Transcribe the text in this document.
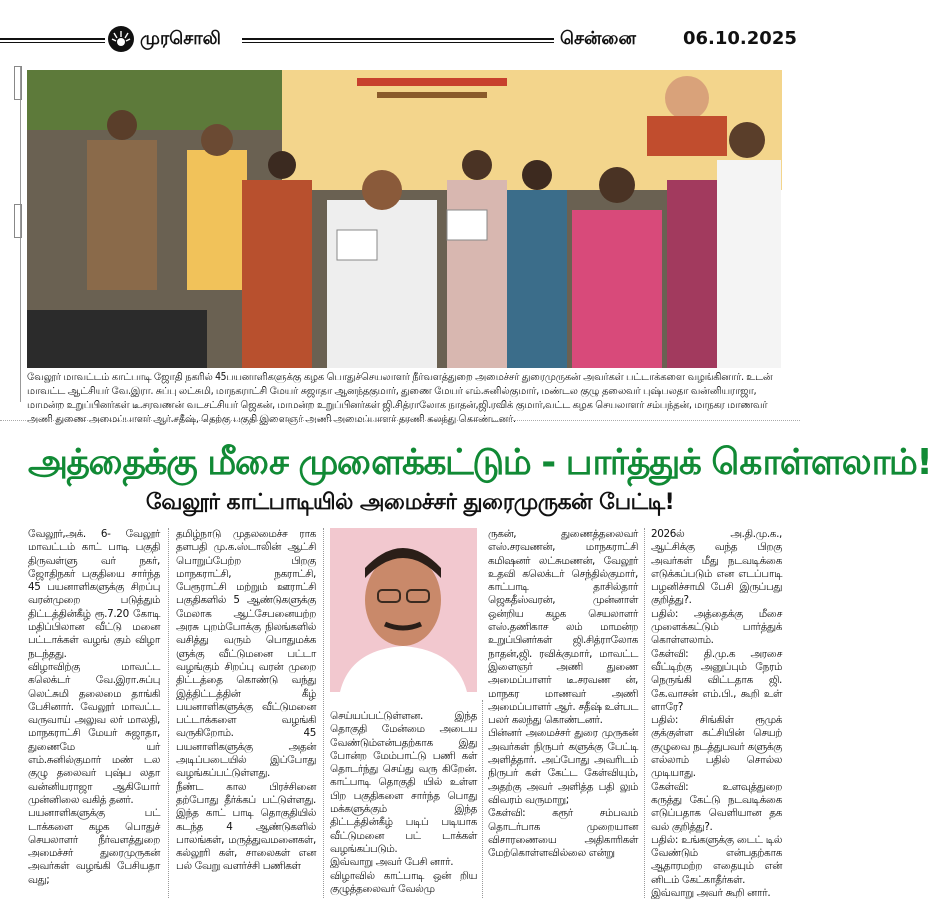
முரசொலி	சென்னை	06.10.2025
வேலூர் மாவட்டம் காட்பாடி ஜோதி நகரில் 45பயனாளிகளுக்கு கழக பொதுச்செயலாளர் நீர்வளத்துறை அமைச்சர் துரைமுருகன் அவர்கள் பட்டாக்களை வழங்கினார். உடன் மாவட்ட ஆட்சியர் வே.இரா. சுப்பு லட்சுமி, மாநகராட்சி மேயர் சுஜாதா ஆனந்தகுமார், துணை மேயர் எம்.சுனில்குமார், மண்டல குழு தலைவர் புஷ்பலதா வன்னியராஜா, மாமன்ற உறுப்பினர்கள் டீ.சரவணன் வடசட்சியர் ஜெகன், மாமன்ற உறுப்பினர்கள் ஜி.சித்ராலோக நாதன்,ஜி.ரவிக் குமார்,வட்ட கழக செயலாளர் சம்பந்தன், மாநகர மாணவர் அணி துணை அமைப்பாளர் ஆர்.சதீஷ், தெற்கு பகுதி இளைஞர் அணி அமைப்பாளர் தரணி கலந்து கொண்டனர்.
அத்தைக்கு மீசை முளைக்கட்டும் - பார்த்துக் கொள்ளலாம்!
வேலூர் காட்பாடியில் அமைச்சர் துரைமுருகன் பேட்டி!

வேலூர்,அக். 6- வேலூர் மாவட்டம் காட் பாடி பகுதி திருவள்ளு வர் நகர், ஜோதிநகர் பகுதியை சார்ந்த 45 பயனாளிகளுக்கு சிறப்பு வரன்முறை படுத்தும் திட்டத்தின்கீழ் ரூ.7.20 கோடி மதிப்பிலான வீட்டு மனை பட்டாக்கள் வழங் கும் விழா நடந்தது.

விழாவிற்கு மாவட்ட கலெக்டர் வே.இரா.சுப்பு லெட்சுமி தலைமை தாங்கி பேசினார். வேலூர் மாவட்ட வருவாய் அலுவ லர் மாலதி, மாநகராட்சி மேயர் சுஜாதா, துணைமே யர் எம்.சுனில்குமார் மண் டல குழு தலைவர் புஷ்ப லதா வன்னியராஜா ஆகியோர் முன்னிலை வகித் தனர்.

பயனாளிகளுக்கு பட் டாக்களை கழக பொதுச் செயலாளர் நீர்வளத்துறை அமைச்சர் துரைமுருகன் அவர்கள் வழங்கி பேசியதா வது;

தமிழ்நாடு முதலமைச்ச ராக தளபதி மு.க.ஸ்டாலின் ஆட்சி பொறுப்பேற்ற பிறகு மாநகராட்சி, நகராட்சி, பேரூராட்சி மற்றும் ஊராட்சி பகுதிகளில் 5 ஆண்டுகளுக்கு மேலாக ஆட்சேபனையற்ற அரசு புறம்போக்கு நிலங்களில் வசித்து வரும் பொதுமக்க ளுக்கு வீட்டுமனை பட்டா வழங்கும் சிறப்பு வரன் முறை திட்டத்தை கொண்டு வந்து இத்திட்டத்தின் கீழ் பயனாளிகளுக்கு வீட்டுமனை பட்டாக்களை வழங்கி வருகிறோம். 45 பயனாளிகளுக்கு அதன் அடிப்படையில் இப்போது வழங்கப்பட்டுள்ளது.

நீண்ட கால பிரச்சினை தற்போது தீர்க்கப் பட்டுள்ளது. இந்த காட் பாடி தொகுதியில் கடந்த 4 ஆண்டுகளில் பாலங்கள், மருத்துவமனைகள், கல்லூரி கள், சாலைகள் என பல் வேறு வளர்ச்சி பணிகள்

செய்யப்பட்டுள்ளன. இந்த தொகுதி மேன்மை அடைய வேண்டும்என்பதற்காக இது போன்ற மேம்பாட்டு பணி கள் தொடர்ந்து செய்து வரு கிறேன். காட்பாடி தொகுதி யில் உள்ள பிற பகுதிகளை சார்ந்த பொது மக்களுக்கும் இந்த திட்டத்தின்கீழ் படிப் படியாக வீட்டுமனை பட் டாக்கள் வழங்கப்படும்.

இவ்வாறு அவர் பேசி னார்.

விழாவில் காட்பாடி ஒன் றிய குழுத்தலைவர் வேல்மு

ருகன், துணைத்தலைவர் எஸ்.சரவணன், மாநகராட்சி கமிஷனர் லட்சுமணன், வேலூர் உதவி கலெக்டர் செந்தில்குமார், காட்பாடி தாசில்தார் ஜெகதீஸ்வரன், முன்னாள் ஒன்றிய கழக செயலாளர் எஸ்.தணிகாச லம் மாமன்ற உறுப்பினர்கள் ஜி.சித்ராலோக நாதன்,ஜி. ரவிக்குமார், மாவட்ட இளைஞர் அணி துணை அமைப்பாளர் டீ.சரவண ன், மாநகர மாணவர் அணி அமைப்பாளர் ஆர். சதீஷ் உள்பட பலர் கலந்து கொண்டனர்.

பின்னர் அமைச்சர் துரை முருகன் அவர்கள் நிருபர் களுக்கு பேட்டி அளித்தார். அப்போது அவரிடம் நிருபர் கள் கேட்ட கேள்வியும், அதற்கு அவர் அளித்த பதி லும் விவரம் வருமாறு;

கேள்வி: கரூர் சம்பவம் தொடர்பாக முறையான விசாரணையை அதிகாரிகள் மேற்கொள்ளவில்லை என்று

2026ல் அ.தி.மு.க., ஆட்சிக்கு வந்த பிறகு அவர்கள் மீது நடவடிக்கை எடுக்கப்படும் என எடப்பாடி பழனிச்சாமி பேசி இருப்பது குறித்து?.

பதில்: அத்தைக்கு மீசை முளைக்கட்டும் பார்த்துக் கொள்ளலாம்.

கேள்வி: தி.மு.க அரசை வீட்டிற்கு அனுப்பும் நேரம் நெருங்கி விட்டதாக ஜி. கே.வாசன் எம்.பி., கூறி உள் ளாரே?

பதில்: சிங்கிள் ரூமுக் குக்குள்ள கட்சியின் செயற் குழுவை நடத்துபவர் களுக்கு எல்லாம் பதில் சொல்ல முடியாது.

கேள்வி: உளவுத்துறை கருத்து கேட்டு நடவடிக்கை எடுப்பதாக வெளியான தக வல் குறித்து?.

பதில்: உங்களுக்கு டைட் டில் வேண்டும் என்பதற்காக ஆதாரமற்ற எதையும் என் னிடம் கேட்காதீர்கள்.

இவ்வாறு அவர் கூறி னார்.
